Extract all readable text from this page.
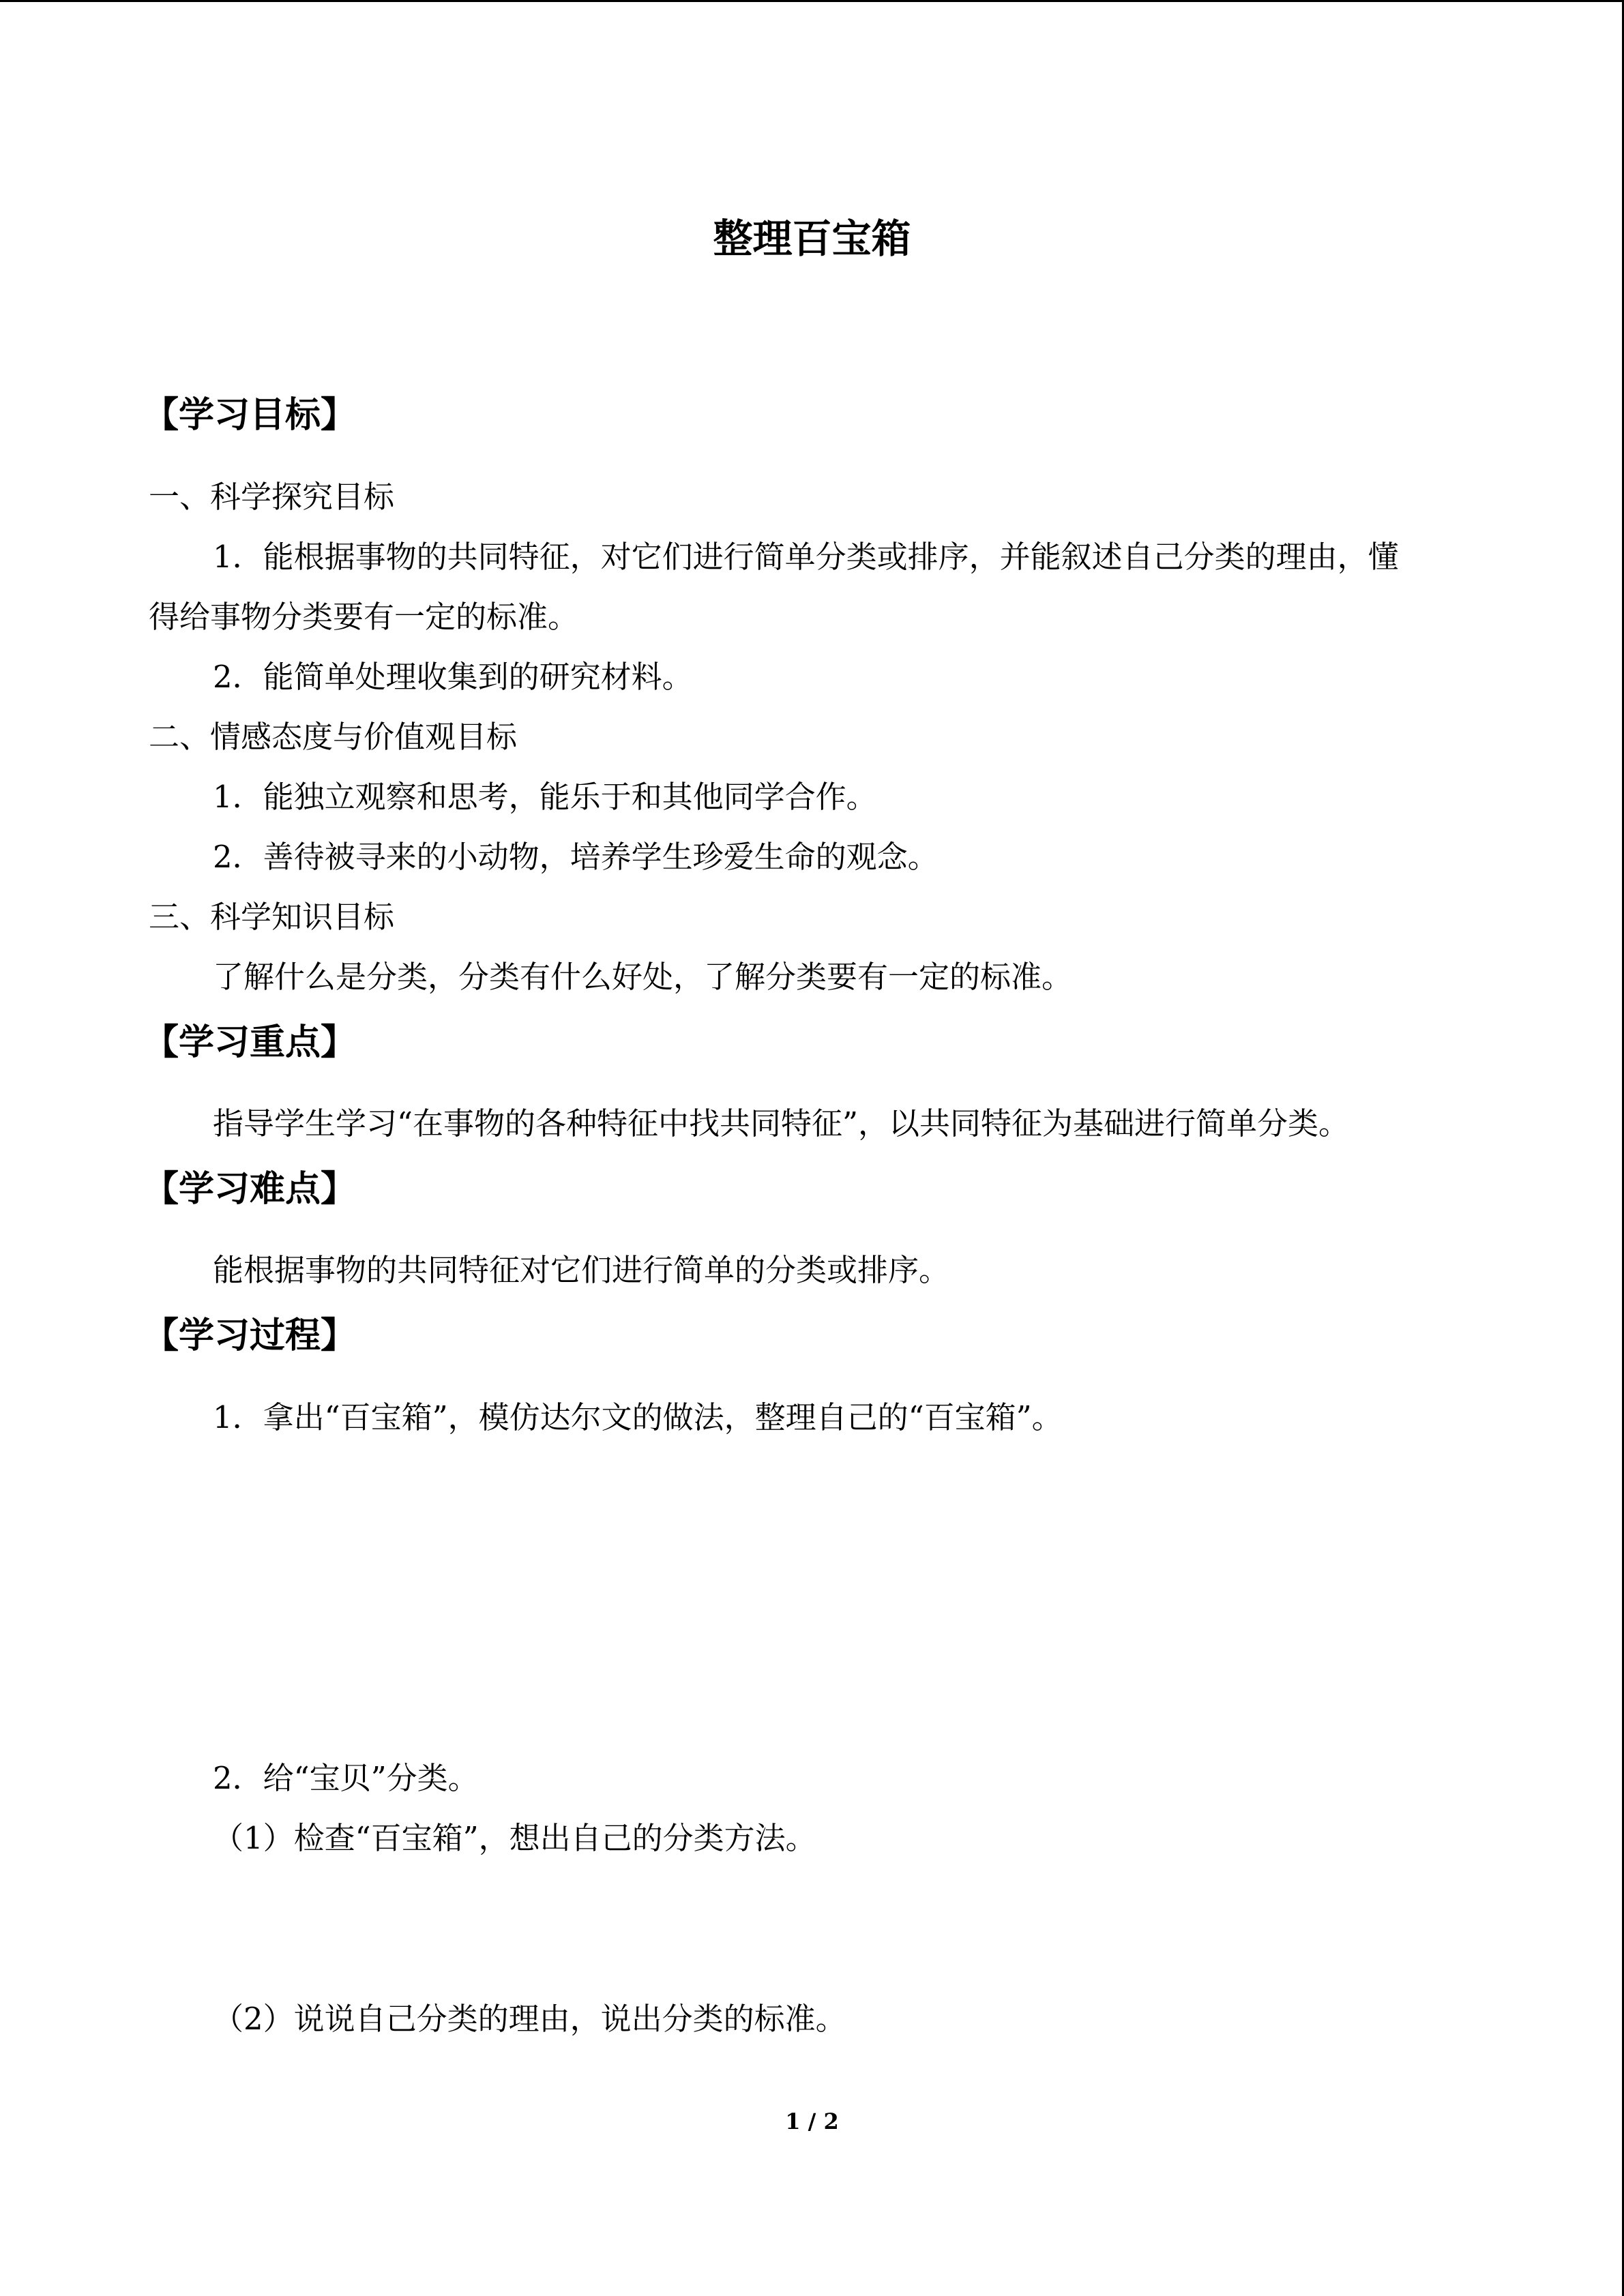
整理百宝箱
【学习目标】
一、科学探究目标
1．能根据事物的共同特征，对它们进行简单分类或排序，并能叙述自己分类的理由，懂
得给事物分类要有一定的标准。
2．能简单处理收集到的研究材料。
二、情感态度与价值观目标
1．能独立观察和思考，能乐于和其他同学合作。
2．善待被寻来的小动物，培养学生珍爱生命的观念。
三、科学知识目标
了解什么是分类，分类有什么好处，了解分类要有一定的标准。
【学习重点】
指导学生学习“在事物的各种特征中找共同特征”，以共同特征为基础进行简单分类。
【学习难点】
能根据事物的共同特征对它们进行简单的分类或排序。
【学习过程】
1．拿出“百宝箱”，模仿达尔文的做法，整理自己的“百宝箱”。
2．给“宝贝”分类。
（1）检查“百宝箱”，想出自己的分类方法。
（2）说说自己分类的理由，说出分类的标准。
1 / 2
